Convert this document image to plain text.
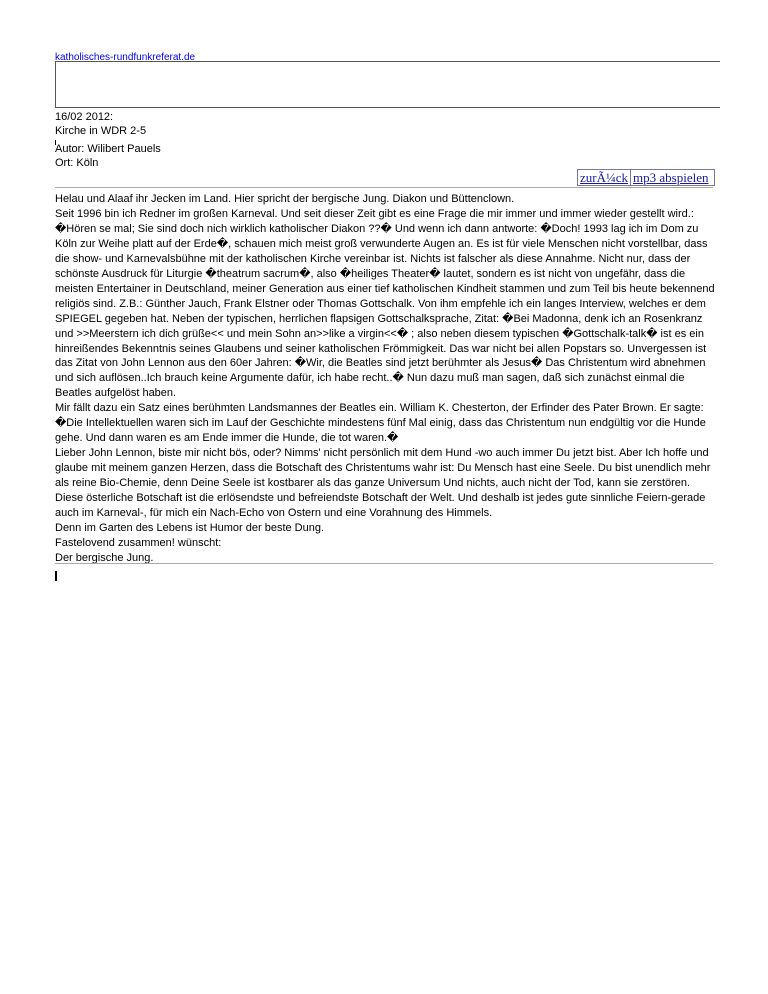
katholisches-rundfunkreferat.de
16/02 2012:
Kirche in WDR 2-5
Autor: Wilibert Pauels
Ort: Köln
zurÃ¼ck mp3 abspielen

Helau und Alaaf ihr Jecken im Land. Hier spricht der bergische Jung. Diakon und Büttenclown.

Seit 1996 bin ich Redner im großen Karneval. Und seit dieser Zeit gibt es eine Frage die mir immer und immer wieder gestellt wird.: �Hören se mal; Sie sind doch nich wirklich katholischer Diakon ??� Und wenn ich dann antworte: �Doch! 1993 lag ich im Dom zu Köln zur Weihe platt auf der Erde�, schauen mich meist groß verwunderte Augen an. Es ist für viele Menschen nicht vorstellbar, dass die show- und Karnevalsbühne mit der katholischen Kirche vereinbar ist. Nichts ist falscher als diese Annahme. Nicht nur, dass der schönste Ausdruck für Liturgie �theatrum sacrum�, also �heiliges Theater� lautet, sondern es ist nicht von ungefähr, dass die meisten Entertainer in Deutschland, meiner Generation aus einer tief katholischen Kindheit stammen und zum Teil bis heute bekennend religiös sind. Z.B.: Günther Jauch, Frank Elstner oder Thomas Gottschalk. Von ihm empfehle ich ein langes Interview, welches er dem SPIEGEL gegeben hat. Neben der typischen, herrlichen flapsigen Gottschalksprache, Zitat: �Bei Madonna, denk ich an Rosenkranz und >>Meerstern ich dich grüße<< und mein Sohn an>>like a virgin<<� ; also neben diesem typischen �Gottschalk-talk� ist es ein hinreißendes Bekenntnis seines Glaubens und seiner katholischen Frömmigkeit. Das war nicht bei allen Popstars so. Unvergessen ist das Zitat von John Lennon aus den 60er Jahren: �Wir, die Beatles sind jetzt berühmter als Jesus� Das Christentum wird abnehmen und sich auflösen..Ich brauch keine Argumente dafür, ich habe recht..� Nun dazu muß man sagen, daß sich zunächst einmal die Beatles aufgelöst haben.

Mir fällt dazu ein Satz eines berühmten Landsmannes der Beatles ein. William K. Chesterton, der Erfinder des Pater Brown. Er sagte: �Die Intellektuellen waren sich im Lauf der Geschichte mindestens fünf Mal einig, dass das Christentum nun endgültig vor die Hunde gehe. Und dann waren es am Ende immer die Hunde, die tot waren.�

Lieber John Lennon, biste mir nicht bös, oder? Nimms' nicht persönlich mit dem Hund -wo auch immer Du jetzt bist. Aber Ich hoffe und glaube mit meinem ganzen Herzen, dass die Botschaft des Christentums wahr ist: Du Mensch hast eine Seele. Du bist unendlich mehr als reine Bio-Chemie, denn Deine Seele ist kostbarer als das ganze Universum Und nichts, auch nicht der Tod, kann sie zerstören.

Diese österliche Botschaft ist die erlösendste und befreiendste Botschaft der Welt. Und deshalb ist jedes gute sinnliche Feiern-gerade auch im Karneval-, für mich ein Nach-Echo von Ostern und eine Vorahnung des Himmels.

Denn im Garten des Lebens ist Humor der beste Dung.

Fastelovend zusammen! wünscht:

Der bergische Jung.
